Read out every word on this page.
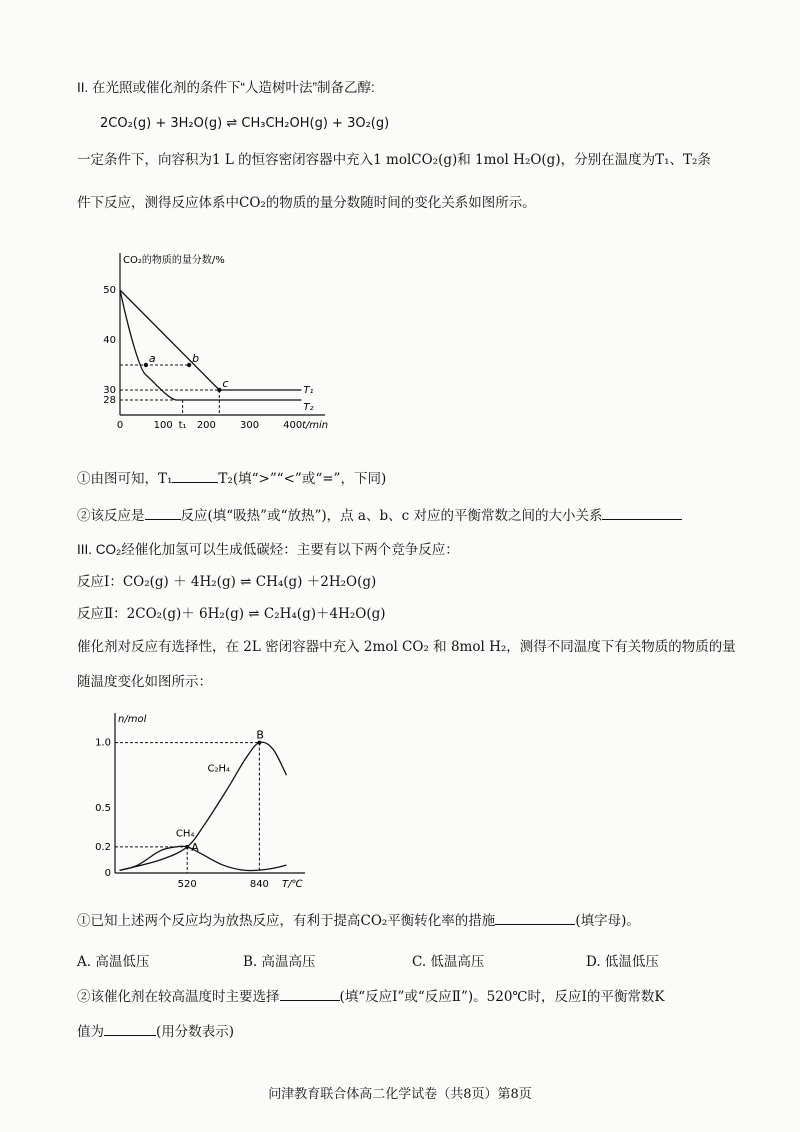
II. 在光照或催化剂的条件下“人造树叶法”制备乙醇:
2CO₂(g) + 3H₂O(g) ⇌ CH₃CH₂OH(g) + 3O₂(g)
一定条件下，向容积为1 L 的恒容密闭容器中充入1 molCO₂(g)和 1mol H₂O(g)，分别在温度为T₁、T₂条
件下反应，测得反应体系中CO₂的物质的量分数随时间的变化关系如图所示。
CO₂的物质的量分数/%
t/min
28
30
40
50
0	100 t₁ 200 300 400
T₁
T₂
a	b
c
①由图可知，T₁	T₂(填“>”“<”或“=”，下同)
②该反应是	反应(填“吸热”或“放热”)，点 a、b、c 对应的平衡常数之间的大小关系
III. CO₂经催化加氢可以生成低碳烃：主要有以下两个竞争反应：
反应Ⅰ：CO₂(g) ＋ 4H₂(g) ⇌ CH₄(g) ＋2H₂O(g)
反应Ⅱ：2CO₂(g)＋ 6H₂(g) ⇌ C₂H₄(g)＋4H₂O(g)
催化剂对反应有选择性，在 2L 密闭容器中充入 2mol CO₂ 和 8mol H₂，测得不同温度下有关物质的物质的量
随温度变化如图所示：
n/mol
T/℃
0
0.2
0.5
1.0
520	840
C₂H₄
CH₄
A
B
①已知上述两个反应均为放热反应，有利于提高CO₂平衡转化率的措施	(填字母)。
A. 高温低压	B. 高温高压	C. 低温高压	D. 低温低压
②该催化剂在较高温度时主要选择	(填“反应Ⅰ”或“反应Ⅱ”)。520℃时，反应Ⅰ的平衡常数K
值为	(用分数表示)
问津教育联合体高二化学试卷（共8页）第8页
